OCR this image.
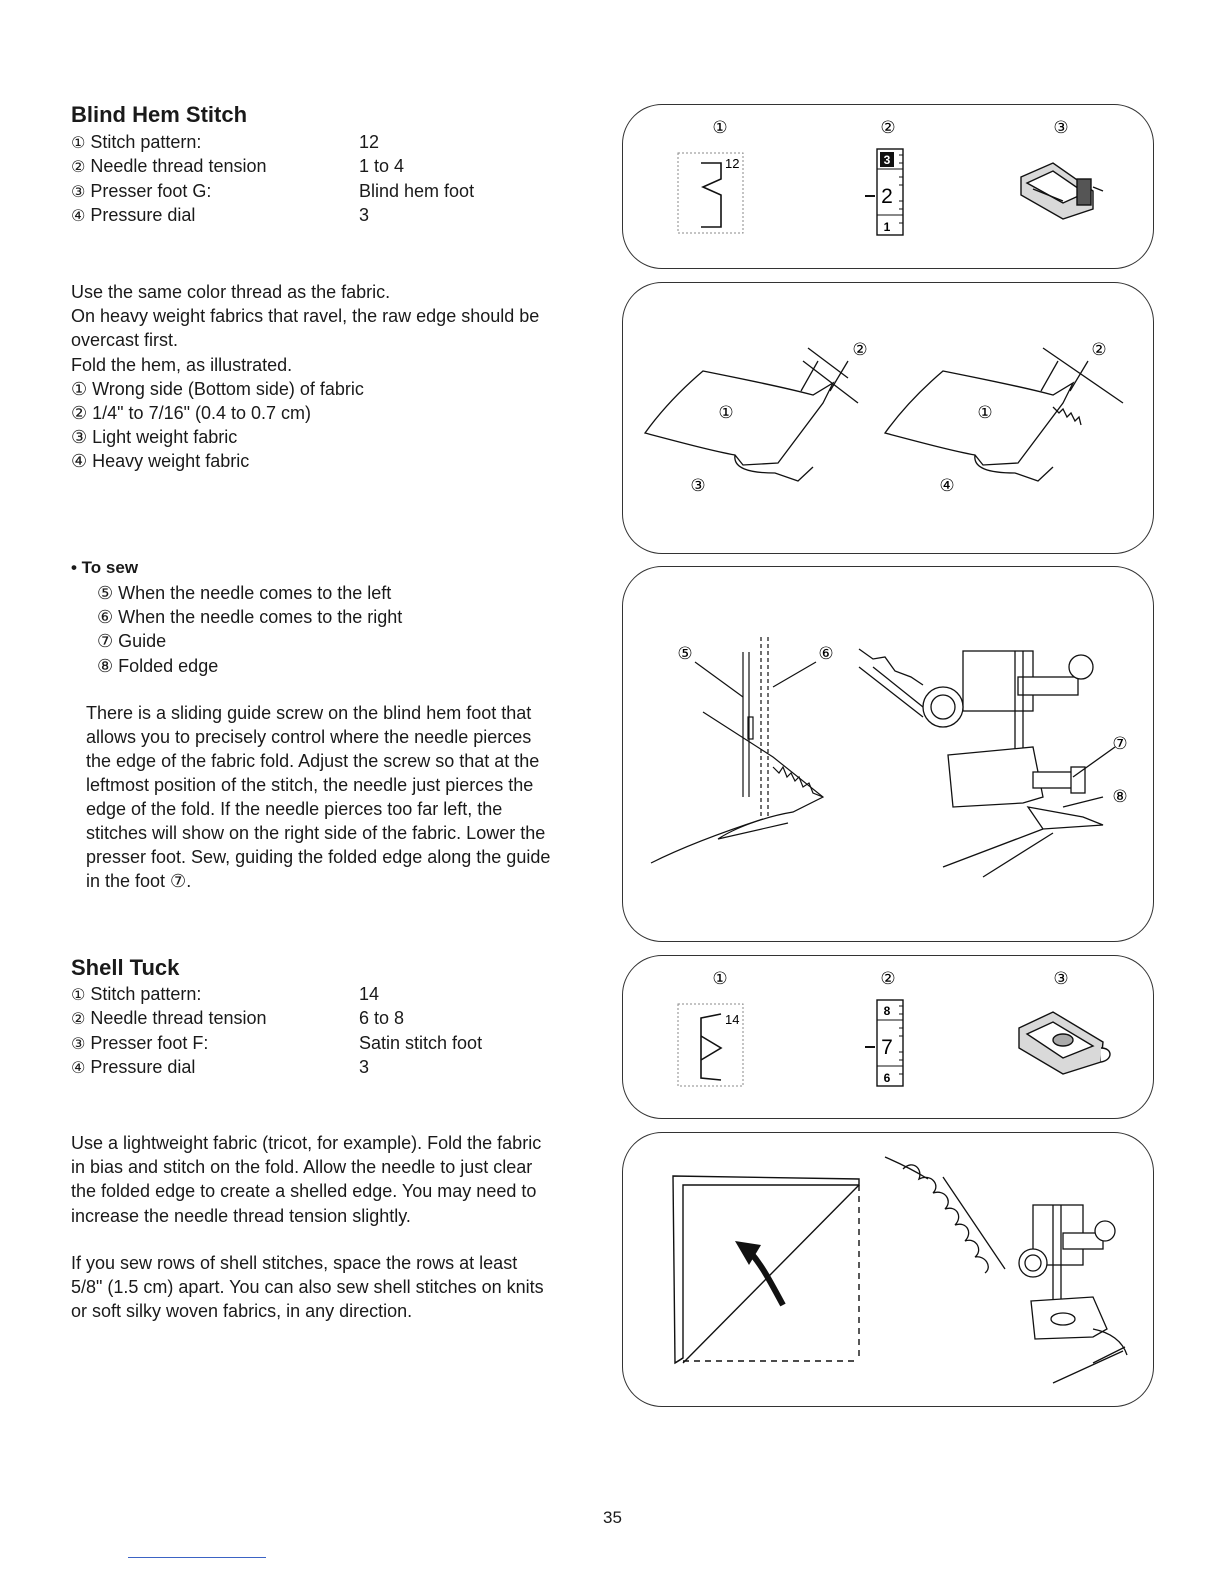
Blind Hem Stitch
① Stitch pattern:	12
② Needle thread tension	1 to 4
③ Presser foot G:	Blind hem foot
④ Pressure dial	3
Use the same color thread as the fabric.
On heavy weight fabrics that ravel, the raw edge should be
overcast first.
Fold the hem, as illustrated.
① Wrong side (Bottom side) of fabric
② 1/4" to 7/16" (0.4 to 0.7 cm)
③ Light weight fabric
④ Heavy weight fabric
• To sew
⑤ When the needle comes to the left
⑥ When the needle comes to the right
⑦ Guide
⑧ Folded edge
There is a sliding guide screw on the blind hem foot that
allows you to precisely control where the needle pierces
the edge of the fabric fold. Adjust the screw so that at the
leftmost position of the stitch, the needle just pierces the
edge of the fold. If the needle pierces too far left, the
stitches will show on the right side of the fabric. Lower the
presser foot. Sew, guiding the folded edge along the guide
in the foot ⑦.
Shell Tuck
① Stitch pattern:	14
② Needle thread tension	6 to 8
③ Presser foot F:	Satin stitch foot
④ Pressure dial	3
Use a lightweight fabric (tricot, for example). Fold the fabric
in bias and stitch on the fold. Allow the needle to just clear
the folded edge to create a shelled edge. You may need to
increase the needle thread tension slightly.
If you sew rows of shell stitches, space the rows at least
5/8" (1.5 cm) apart. You can also sew shell stitches on knits
or soft silky woven fabrics, in any direction.
①	②	③
12	3
2
1
②	②
①	①
③	④
⑤	⑥
⑦
⑧
①	②	③
14
8
7
6
35
